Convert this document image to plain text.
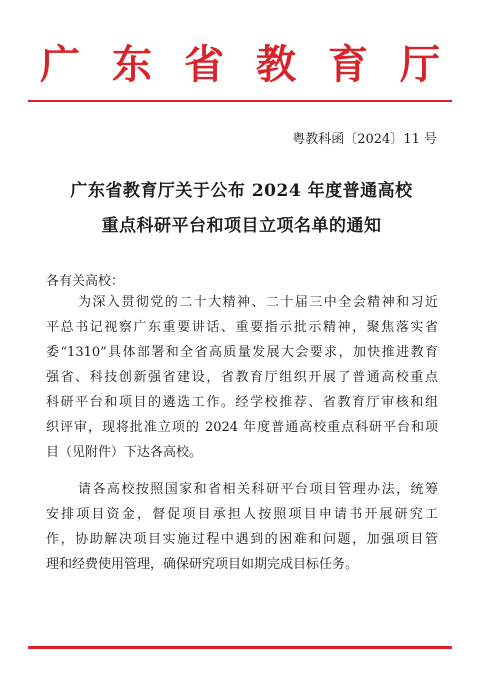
广 东 省 教 育 厅
粤教科函〔2024〕11 号
广东省教育厅关于公布 2024 年度普通高校
重点科研平台和项目立项名单的通知
各有关高校：
为深入贯彻党的二十大精神、二十届三中全会精神和习近
平总书记视察广东重要讲话、重要指示批示精神，聚焦落实省
委“1310”具体部署和全省高质量发展大会要求，加快推进教育
强省、科技创新强省建设，省教育厅组织开展了普通高校重点
科研平台和项目的遴选工作。经学校推荐、省教育厅审核和组
织评审，现将批准立项的 2024 年度普通高校重点科研平台和项
目（见附件）下达各高校。
请各高校按照国家和省相关科研平台项目管理办法，统筹
安排项目资金，督促项目承担人按照项目申请书开展研究工
作，协助解决项目实施过程中遇到的困难和问题，加强项目管
理和经费使用管理，确保研究项目如期完成目标任务。
